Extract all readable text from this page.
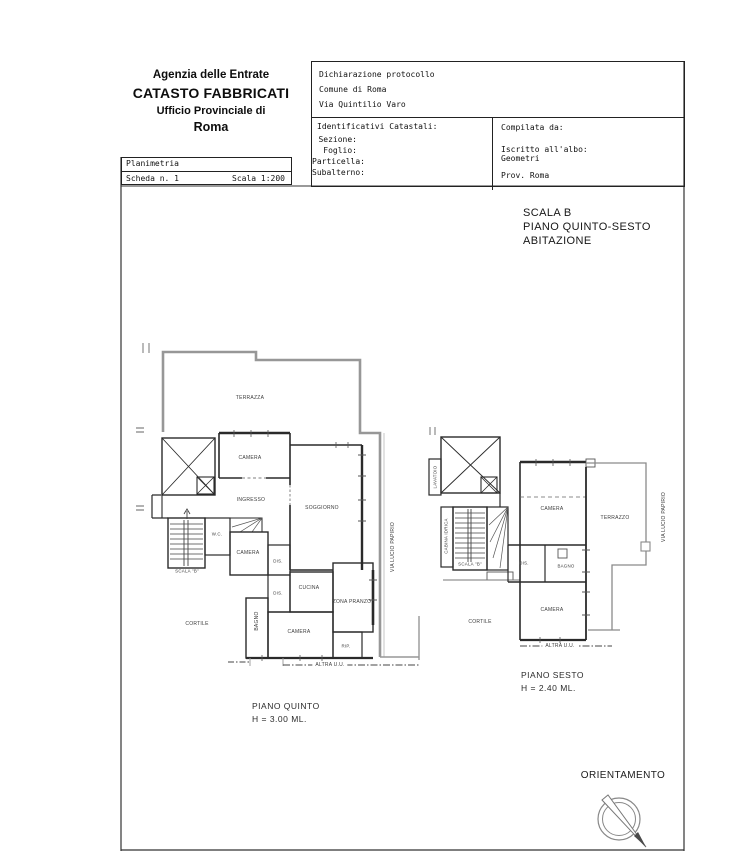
Agenzia delle Entrate
CATASTO FABBRICATI
Ufficio Provinciale di
Roma
Planimetria
Scheda n. 1	Scala 1:200
Dichiarazione protocollo
Comune di Roma
Via Quintilio Varo
Identificativi Catastali:
Sezione:
Foglio:
Particella:
Subalterno:
Compilata da:
Iscritto all'albo:
Geometri
Prov. Roma
SCALA B
PIANO QUINTO-SESTO
ABITAZIONE
TERRAZZA
CAMERA
INGRESSO
SOGGIORNO
W.C.
CAMERA
DIS.
CUCINA
DIS.
ZONA PRANZO
BAGNO
CAMERA
RIP.
CORTILE
SCALA "B"
ALTRA U.U.
VIA LUCIO PAPIRIO
PIANO QUINTO
H = 3.00 ML.
LAVATOIO
CABINA IDRICA
SCALA "B"
CAMERA
TERRAZZO
DIS.
BAGNO
CORTILE
CAMERA
ALTRA U.U.
VIA LUCIO PAPIRIO
PIANO SESTO
H = 2.40 ML.
ORIENTAMENTO
